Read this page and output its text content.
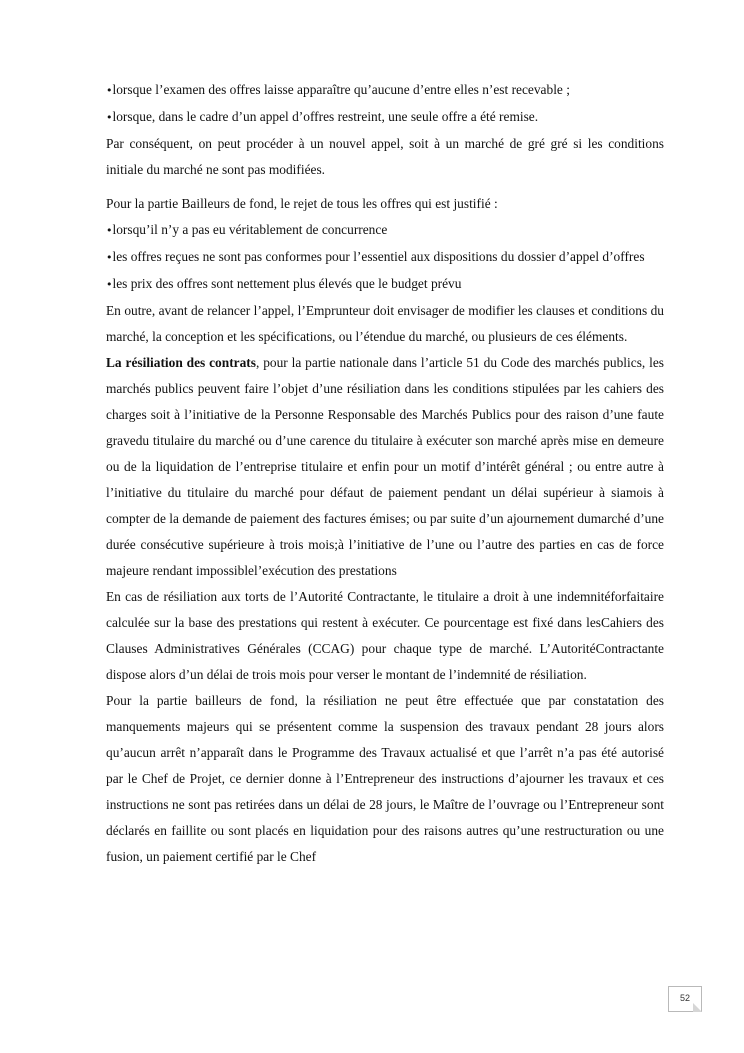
•lorsque l’examen des offres laisse apparaître qu’aucune d’entre elles n’est recevable ;

•lorsque, dans le cadre d’un appel d’offres restreint, une seule offre a été remise.

Par conséquent, on peut procéder à un nouvel appel, soit à un marché de gré gré si les conditions initiale du marché ne sont pas modifiées.

Pour la partie Bailleurs de fond, le rejet de tous les offres qui est justifié :

•lorsqu’il n’y a pas eu véritablement de concurrence

•les offres reçues ne sont pas conformes pour l’essentiel aux dispositions du dossier d’appel d’offres

•les prix des offres sont nettement plus élevés que le budget prévu

En outre, avant de relancer l’appel, l’Emprunteur doit envisager de modifier les clauses et conditions du marché, la conception et les spécifications, ou l’étendue du marché, ou plusieurs de ces éléments.

La résiliation des contrats, pour la partie nationale dans l’article 51 du Code des marchés publics, les marchés publics peuvent faire l’objet d’une résiliation dans les conditions stipulées par les cahiers des charges soit à l’initiative de la Personne Responsable des Marchés Publics pour des raison d’une faute gravedu titulaire du marché ou d’une carence du titulaire à exécuter son marché après mise en demeure ou de la liquidation de l’entreprise titulaire et enfin pour un motif d’intérêt général ; ou entre autre à l’initiative du titulaire du marché pour défaut de paiement pendant un délai supérieur à siamois à compter de la demande de paiement des factures émises; ou par suite d’un ajournement dumarché d’une durée consécutive supérieure à trois mois;à l’initiative de l’une ou l’autre des parties en cas de force majeure rendant impossiblel’exécution des prestations

En cas de résiliation aux torts de l’Autorité Contractante, le titulaire a droit à une indemnitéforfaitaire calculée sur la base des prestations qui restent à exécuter. Ce pourcentage est fixé dans lesCahiers des Clauses Administratives Générales (CCAG) pour chaque type de marché. L’AutoritéContractante dispose alors d’un délai de trois mois pour verser le montant de l’indemnité de résiliation.

Pour la partie bailleurs de fond, la résiliation ne peut être effectuée que par constatation des manquements majeurs qui se présentent comme la suspension des travaux pendant 28 jours alors qu’aucun arrêt n’apparaît dans le Programme des Travaux actualisé et que l’arrêt n’a pas été autorisé par le Chef de Projet, ce dernier donne à l’Entrepreneur des instructions d’ajourner les travaux et ces instructions ne sont pas retirées dans un délai de 28 jours, le Maître de l’ouvrage ou l’Entrepreneur sont déclarés en faillite ou sont placés en liquidation pour des raisons autres qu’une restructuration ou une fusion, un paiement certifié par le Chef

52
